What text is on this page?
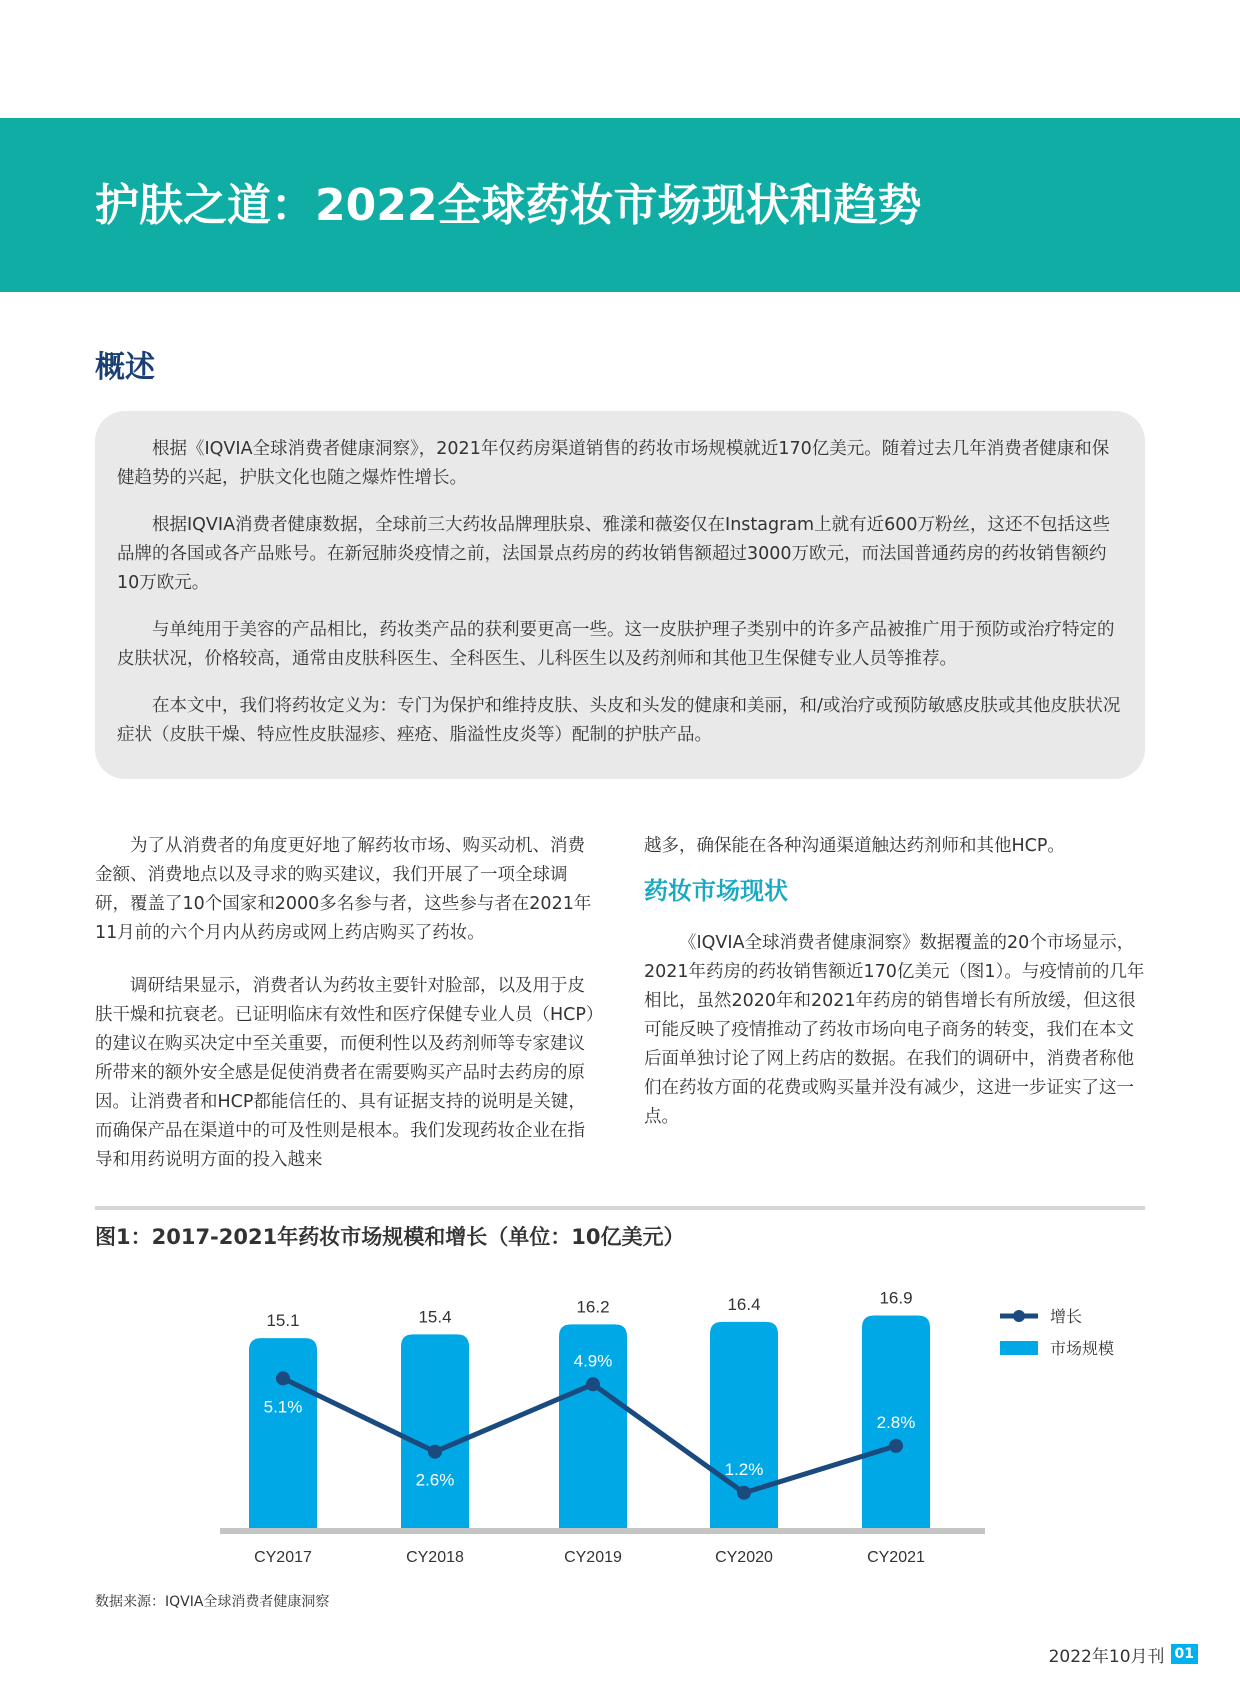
护肤之道：2022全球药妆市场现状和趋势
概述

根据《IQVIA全球消费者健康洞察》，2021年仅药房渠道销售的药妆市场规模就近170亿美元。随着过去几年消费者健康和保健趋势的兴起，护肤文化也随之爆炸性增长。

根据IQVIA消费者健康数据，全球前三大药妆品牌理肤泉、雅漾和薇姿仅在Instagram上就有近600万粉丝，这还不包括这些品牌的各国或各产品账号。在新冠肺炎疫情之前，法国景点药房的药妆销售额超过3000万欧元，而法国普通药房的药妆销售额约10万欧元。

与单纯用于美容的产品相比，药妆类产品的获利要更高一些。这一皮肤护理子类别中的许多产品被推广用于预防或治疗特定的皮肤状况，价格较高，通常由皮肤科医生、全科医生、儿科医生以及药剂师和其他卫生保健专业人员等推荐。

在本文中，我们将药妆定义为：专门为保护和维持皮肤、头皮和头发的健康和美丽，和/或治疗或预防敏感皮肤或其他皮肤状况症状（皮肤干燥、特应性皮肤湿疹、痤疮、脂溢性皮炎等）配制的护肤产品。

为了从消费者的角度更好地了解药妆市场、购买动机、消费金额、消费地点以及寻求的购买建议，我们开展了一项全球调研，覆盖了10个国家和2000多名参与者，这些参与者在2021年11月前的六个月内从药房或网上药店购买了药妆。

调研结果显示，消费者认为药妆主要针对脸部，以及用于皮肤干燥和抗衰老。已证明临床有效性和医疗保健专业人员（HCP）的建议在购买决定中至关重要，而便利性以及药剂师等专家建议所带来的额外安全感是促使消费者在需要购买产品时去药房的原因。让消费者和HCP都能信任的、具有证据支持的说明是关键，而确保产品在渠道中的可及性则是根本。我们发现药妆企业在指导和用药说明方面的投入越来

越多，确保能在各种沟通渠道触达药剂师和其他HCP。

药妆市场现状

《IQVIA全球消费者健康洞察》数据覆盖的20个市场显示，2021年药房的药妆销售额近170亿美元（图1）。与疫情前的几年相比，虽然2020年和2021年药房的销售增长有所放缓，但这很可能反映了疫情推动了药妆市场向电子商务的转变，我们在本文后面单独讨论了网上药店的数据。在我们的调研中，消费者称他们在药妆方面的花费或购买量并没有减少，这进一步证实了这一点。

图1：2017-2021年药妆市场规模和增长（单位：10亿美元）
15.1	15.4
16.2	16.4	16.9
5.1%
2.6%
4.9%
1.2%
2.8%
CY2017	CY2018	CY2019	CY2020	CY2021
增长
市场规模
数据来源：IQVIA全球消费者健康洞察
2022年10月刊 01
